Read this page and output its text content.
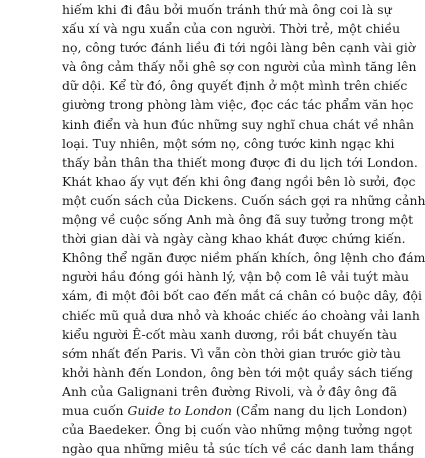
hiếm khi đi đâu bởi muốn tránh thứ mà ông coi là sự
xấu xí và ngu xuẩn của con người. Thời trẻ, một chiều
nọ, công tước đánh liều đi tới ngôi làng bên cạnh vài giờ
và ông cảm thấy nỗi ghê sợ con người của mình tăng lên
dữ dội. Kể từ đó, ông quyết định ở một mình trên chiếc
giường trong phòng làm việc, đọc các tác phẩm văn học
kinh điển và hun đúc những suy nghĩ chua chát về nhân
loại. Tuy nhiên, một sớm nọ, công tước kinh ngạc khi
thấy bản thân tha thiết mong được đi du lịch tới London.
Khát khao ấy vụt đến khi ông đang ngồi bên lò sưởi, đọc
một cuốn sách của Dickens. Cuốn sách gợi ra những cảnh
mộng về cuộc sống Anh mà ông đã suy tưởng trong một
thời gian dài và ngày càng khao khát được chứng kiến.
Không thể ngăn được niềm phấn khích, ông lệnh cho đám
người hầu đóng gói hành lý, vận bộ com lê vải tuýt màu
xám, đi một đôi bốt cao đến mắt cá chân có buộc dây, đội
chiếc mũ quả dưa nhỏ và khoác chiếc áo choàng vải lanh
kiểu người Ê-cốt màu xanh dương, rồi bắt chuyến tàu
sớm nhất đến Paris. Vì vẫn còn thời gian trước giờ tàu
khởi hành đến London, ông bèn tới một quầy sách tiếng
Anh của Galignani trên đường Rivoli, và ở đây ông đã
mua cuốn Guide to London (Cẩm nang du lịch London)
của Baedeker. Ông bị cuốn vào những mộng tưởng ngọt
ngào qua những miêu tả súc tích về các danh lam thắng
